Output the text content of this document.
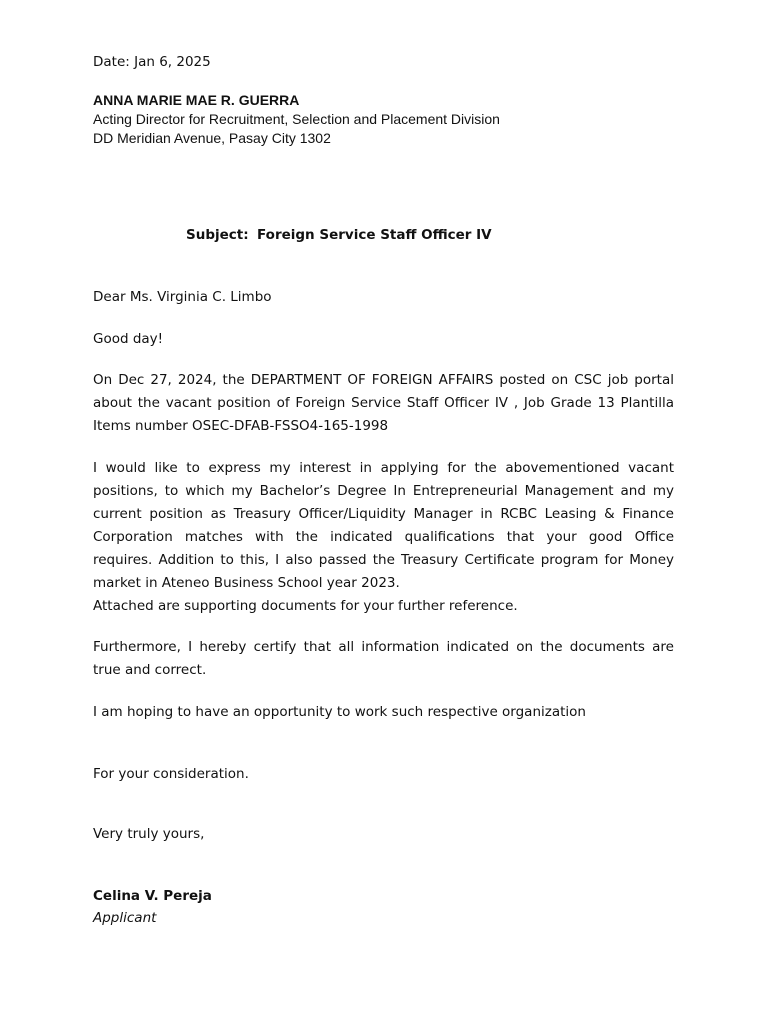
Date: Jan 6, 2025

ANNA MARIE MAE R. GUERRA

Acting Director for Recruitment, Selection and Placement Division

DD Meridian Avenue, Pasay City 1302

Subject: Foreign Service Staff Officer IV

Dear Ms. Virginia C. Limbo

Good day!

On Dec 27, 2024, the DEPARTMENT OF FOREIGN AFFAIRS posted on CSC job portal
about the vacant position of Foreign Service Staff Officer IV , Job Grade 13 Plantilla
Items number OSEC-DFAB-FSSO4-165-1998
I would like to express my interest in applying for the abovementioned vacant
positions, to which my Bachelor’s Degree In Entrepreneurial Management and my
current position as Treasury Officer/Liquidity Manager in RCBC Leasing & Finance
Corporation matches with the indicated qualifications that your good Office
requires. Addition to this, I also passed the Treasury Certificate program for Money
market in Ateneo Business School year 2023.
Attached are supporting documents for your further reference.
Furthermore, I hereby certify that all information indicated on the documents are
true and correct.
I am hoping to have an opportunity to work such respective organization

For your consideration.

Very truly yours,

Celina V. Pereja

Applicant
